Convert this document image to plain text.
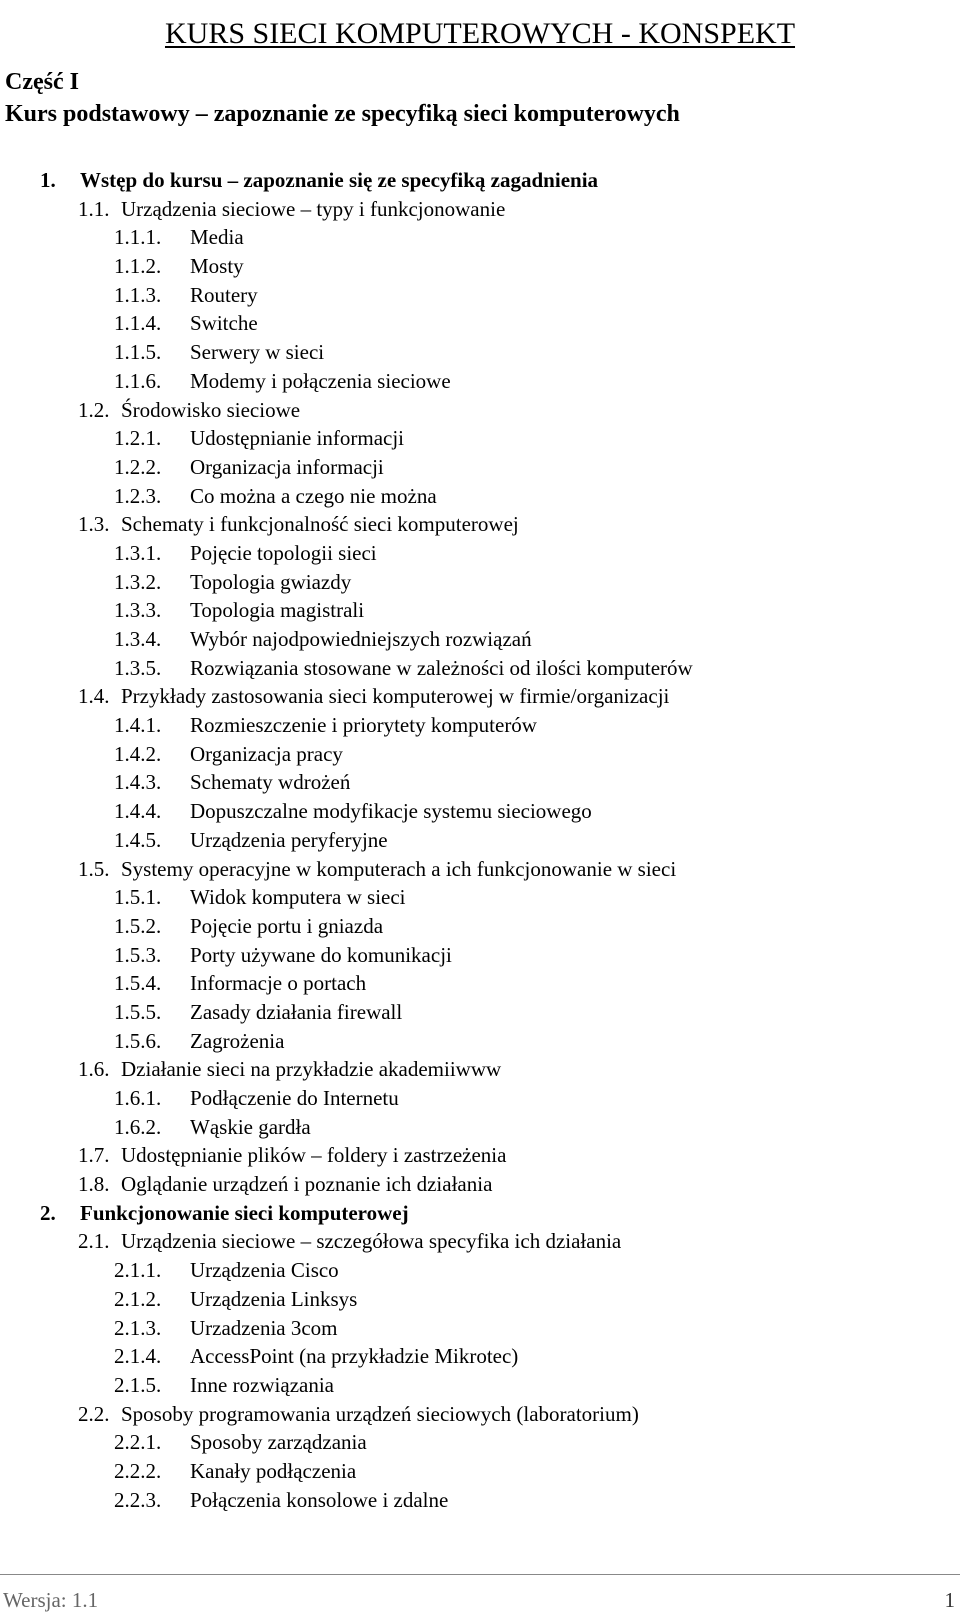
KURS SIECI KOMPUTEROWYCH - KONSPEKT
Część I
Kurs podstawowy – zapoznanie ze specyfiką sieci komputerowych
1. Wstęp do kursu – zapoznanie się ze specyfiką zagadnienia
1.1. Urządzenia sieciowe – typy i funkcjonowanie
1.1.1. Media
1.1.2. Mosty
1.1.3. Routery
1.1.4. Switche
1.1.5. Serwery w sieci
1.1.6. Modemy i połączenia sieciowe
1.2. Środowisko sieciowe
1.2.1. Udostępnianie informacji
1.2.2. Organizacja informacji
1.2.3. Co można a czego nie można
1.3. Schematy i funkcjonalność sieci komputerowej
1.3.1. Pojęcie topologii sieci
1.3.2. Topologia gwiazdy
1.3.3. Topologia magistrali
1.3.4. Wybór najodpowiedniejszych rozwiązań
1.3.5. Rozwiązania stosowane w zależności od ilości komputerów
1.4. Przykłady zastosowania sieci komputerowej w firmie/organizacji
1.4.1. Rozmieszczenie i priorytety komputerów
1.4.2. Organizacja pracy
1.4.3. Schematy wdrożeń
1.4.4. Dopuszczalne modyfikacje systemu sieciowego
1.4.5. Urządzenia peryferyjne
1.5. Systemy operacyjne w komputerach a ich funkcjonowanie w sieci
1.5.1. Widok komputera w sieci
1.5.2. Pojęcie portu i gniazda
1.5.3. Porty używane do komunikacji
1.5.4. Informacje o portach
1.5.5. Zasady działania firewall
1.5.6. Zagrożenia
1.6. Działanie sieci na przykładzie akademiiwww
1.6.1. Podłączenie do Internetu
1.6.2. Wąskie gardła
1.7. Udostępnianie plików – foldery i zastrzeżenia
1.8. Oglądanie urządzeń i poznanie ich działania
2. Funkcjonowanie sieci komputerowej
2.1. Urządzenia sieciowe – szczegółowa specyfika ich działania
2.1.1. Urządzenia Cisco
2.1.2. Urządzenia Linksys
2.1.3. Urzadzenia 3com
2.1.4. AccessPoint (na przykładzie Mikrotec)
2.1.5. Inne rozwiązania
2.2. Sposoby programowania urządzeń sieciowych (laboratorium)
2.2.1. Sposoby zarządzania
2.2.2. Kanały podłączenia
2.2.3. Połączenia konsolowe i zdalne
Wersja: 1.1	1
